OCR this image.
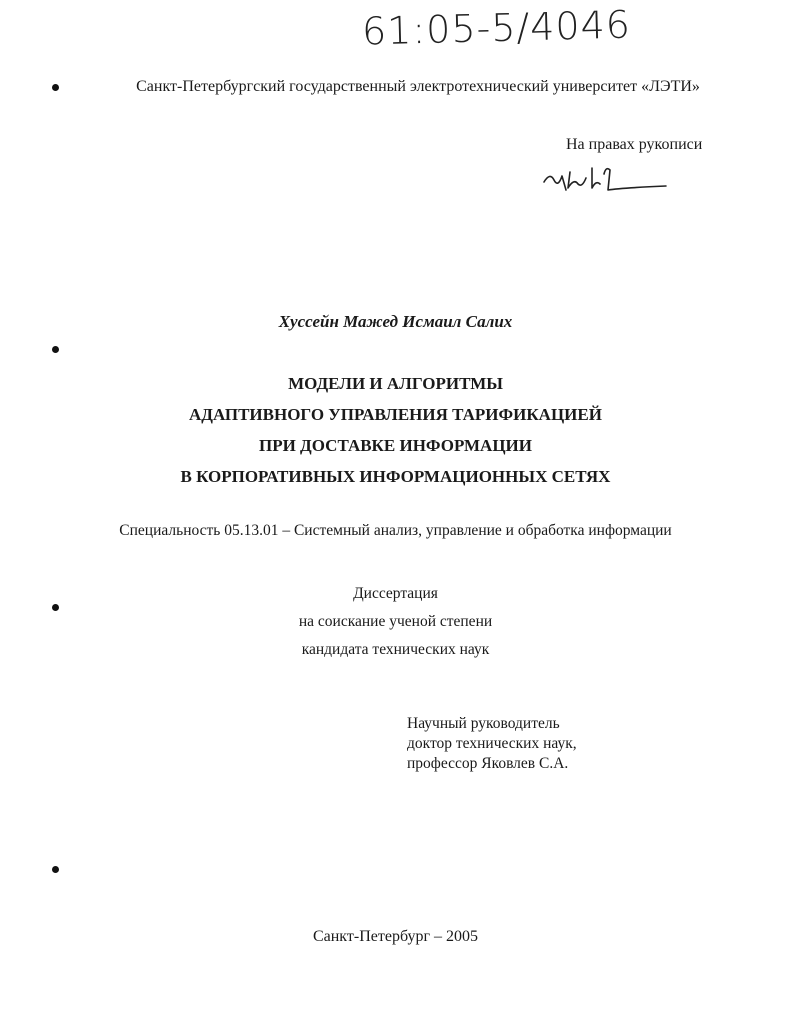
61:05-5/4046
Санкт-Петербургский государственный электротехнический университет «ЛЭТИ»
На правах рукописи
Хуссейн Мажед Исмаил Салих
МОДЕЛИ И АЛГОРИТМЫ
АДАПТИВНОГО УПРАВЛЕНИЯ ТАРИФИКАЦИЕЙ
ПРИ ДОСТАВКЕ ИНФОРМАЦИИ
В КОРПОРАТИВНЫХ ИНФОРМАЦИОННЫХ СЕТЯХ
Специальность 05.13.01 – Системный анализ, управление и обработка информации
Диссертация
на соискание ученой степени
кандидата технических наук
Научный руководитель
доктор технических наук,
профессор Яковлев С.А.
Санкт-Петербург – 2005
